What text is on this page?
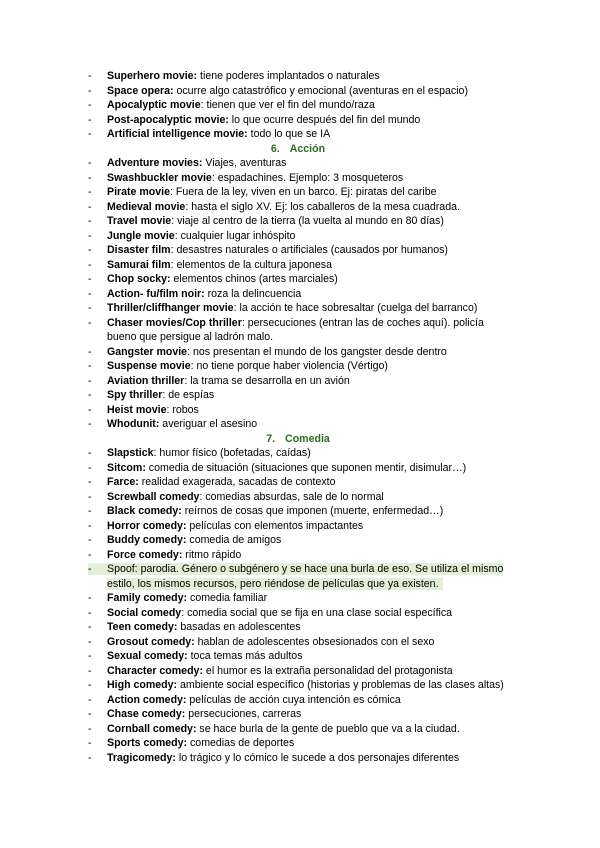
- Superhero movie: tiene poderes implantados o naturales
- Space opera: ocurre algo catastrófico y emocional (aventuras en el espacio)
- Apocalyptic movie: tienen que ver el fin del mundo/raza
- Post-apocalyptic movie: lo que ocurre después del fin del mundo
- Artificial intelligence movie: todo lo que se IA
6. Acción
- Adventure movies: Viajes, aventuras
- Swashbuckler movie: espadachines. Ejemplo: 3 mosqueteros
- Pirate movie: Fuera de la ley, viven en un barco. Ej: piratas del caribe
- Medieval movie: hasta el siglo XV. Ej: los caballeros de la mesa cuadrada.
- Travel movie: viaje al centro de la tierra (la vuelta al mundo en 80 días)
- Jungle movie: cualquier lugar inhóspito
- Disaster film: desastres naturales o artificiales (causados por humanos)
- Samurai film: elementos de la cultura japonesa
- Chop socky: elementos chinos (artes marciales)
- Action- fu/film noir: roza la delincuencia
- Thriller/cliffhanger movie: la acción te hace sobresaltar (cuelga del barranco)
- Chaser movies/Cop thriller: persecuciones (entran las de coches aquí). policía bueno que persigue al ladrón malo.
- Gangster movie: nos presentan el mundo de los gangster desde dentro
- Suspense movie: no tiene porque haber violencia (Vértigo)
- Aviation thriller: la trama se desarrolla en un avión
- Spy thriller: de espías
- Heist movie: robos
- Whodunit: averiguar el asesino
7. Comedia
- Slapstick: humor físico (bofetadas, caídas)
- Sitcom: comedia de situación (situaciones que suponen mentir, disimular…)
- Farce: realidad exagerada, sacadas de contexto
- Screwball comedy: comedias absurdas, sale de lo normal
- Black comedy: reírnos de cosas que imponen (muerte, enfermedad…)
- Horror comedy: películas con elementos impactantes
- Buddy comedy: comedia de amigos
- Force comedy: ritmo rápido
- Spoof: parodia. Género o subgénero y se hace una burla de eso. Se utiliza el mismo estilo, los mismos recursos, pero riéndose de películas que ya existen.
- Family comedy: comedia familiar
- Social comedy: comedia social que se fija en una clase social específica
- Teen comedy: basadas en adolescentes
- Grosout comedy: hablan de adolescentes obsesionados con el sexo
- Sexual comedy: toca temas más adultos
- Character comedy: el humor es la extraña personalidad del protagonista
- High comedy: ambiente social específico (historias y problemas de las clases altas)
- Action comedy: películas de acción cuya intención es cómica
- Chase comedy: persecuciones, carreras
- Cornball comedy: se hace burla de la gente de pueblo que va a la ciudad.
- Sports comedy: comedias de deportes
- Tragicomedy: lo trágico y lo cómico le sucede a dos personajes diferentes
